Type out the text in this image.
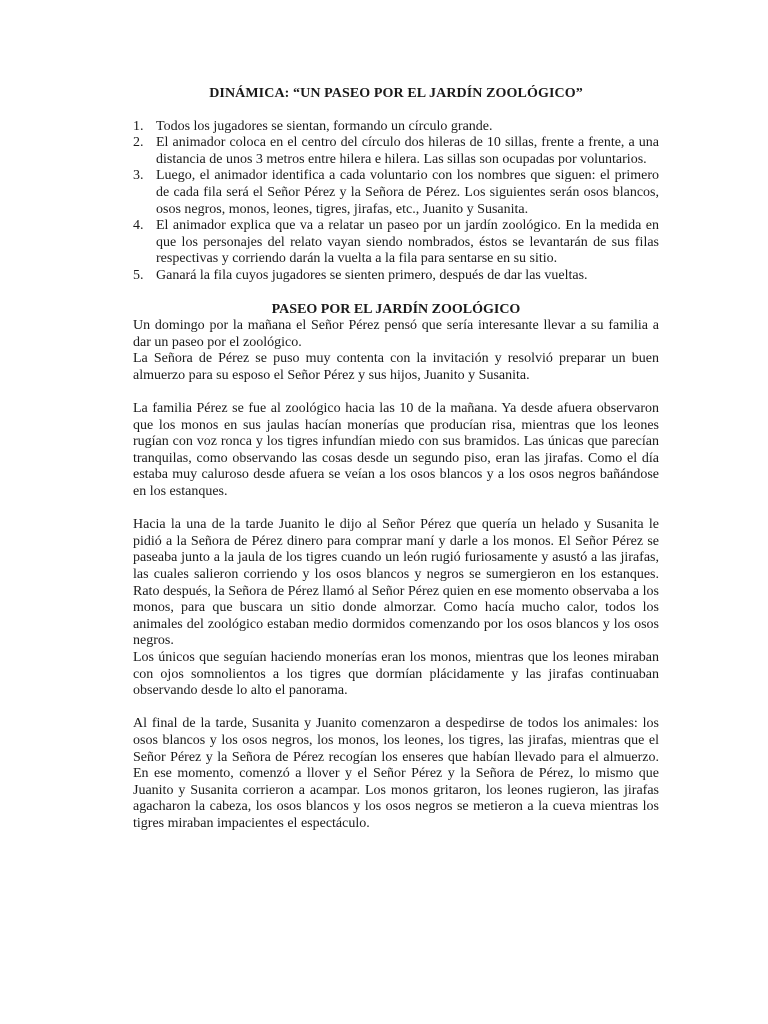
DINÁMICA: “UN PASEO POR EL JARDÍN ZOOLÓGICO”
1. Todos los jugadores se sientan, formando un círculo grande.
2. El animador coloca en el centro del círculo dos hileras de 10 sillas, frente a frente, a una distancia de unos 3 metros entre hilera e hilera. Las sillas son ocupadas por voluntarios.
3. Luego, el animador identifica a cada voluntario con los nombres que siguen: el primero de cada fila será el Señor Pérez y la Señora de Pérez. Los siguientes serán osos blancos, osos negros, monos, leones, tigres, jirafas, etc., Juanito y Susanita.
4. El animador explica que va a relatar un paseo por un jardín zoológico. En la medida en que los personajes del relato vayan siendo nombrados, éstos se levantarán de sus filas respectivas y corriendo darán la vuelta a la fila para sentarse en su sitio.
5. Ganará la fila cuyos jugadores se sienten primero, después de dar las vueltas.
PASEO POR EL JARDÍN ZOOLÓGICO

Un domingo por la mañana el Señor Pérez pensó que sería interesante llevar a su familia a dar un paseo por el zoológico.

La Señora de Pérez se puso muy contenta con la invitación y resolvió preparar un buen almuerzo para su esposo el Señor Pérez y sus hijos, Juanito y Susanita.

La familia Pérez se fue al zoológico hacia las 10 de la mañana. Ya desde afuera observaron que los monos en sus jaulas hacían monerías que producían risa, mientras que los leones rugían con voz ronca y los tigres infundían miedo con sus bramidos. Las únicas que parecían tranquilas, como observando las cosas desde un segundo piso, eran las jirafas. Como el día estaba muy caluroso desde afuera se veían a los osos blancos y a los osos negros bañándose en los estanques.

Hacia la una de la tarde Juanito le dijo al Señor Pérez que quería un helado y Susanita le pidió a la Señora de Pérez dinero para comprar maní y darle a los monos. El Señor Pérez se paseaba junto a la jaula de los tigres cuando un león rugió furiosamente y asustó a las jirafas, las cuales salieron corriendo y los osos blancos y negros se sumergieron en los estanques. Rato después, la Señora de Pérez llamó al Señor Pérez quien en ese momento observaba a los monos, para que buscara un sitio donde almorzar. Como hacía mucho calor, todos los animales del zoológico estaban medio dormidos comenzando por los osos blancos y los osos negros.

Los únicos que seguían haciendo monerías eran los monos, mientras que los leones miraban con ojos somnolientos a los tigres que dormían plácidamente y las jirafas continuaban observando desde lo alto el panorama.

Al final de la tarde, Susanita y Juanito comenzaron a despedirse de todos los animales: los osos blancos y los osos negros, los monos, los leones, los tigres, las jirafas, mientras que el Señor Pérez y la Señora de Pérez recogían los enseres que habían llevado para el almuerzo. En ese momento, comenzó a llover y el Señor Pérez y la Señora de Pérez, lo mismo que Juanito y Susanita corrieron a acampar. Los monos gritaron, los leones rugieron, las jirafas agacharon la cabeza, los osos blancos y los osos negros se metieron a la cueva mientras los tigres miraban impacientes el espectáculo.
